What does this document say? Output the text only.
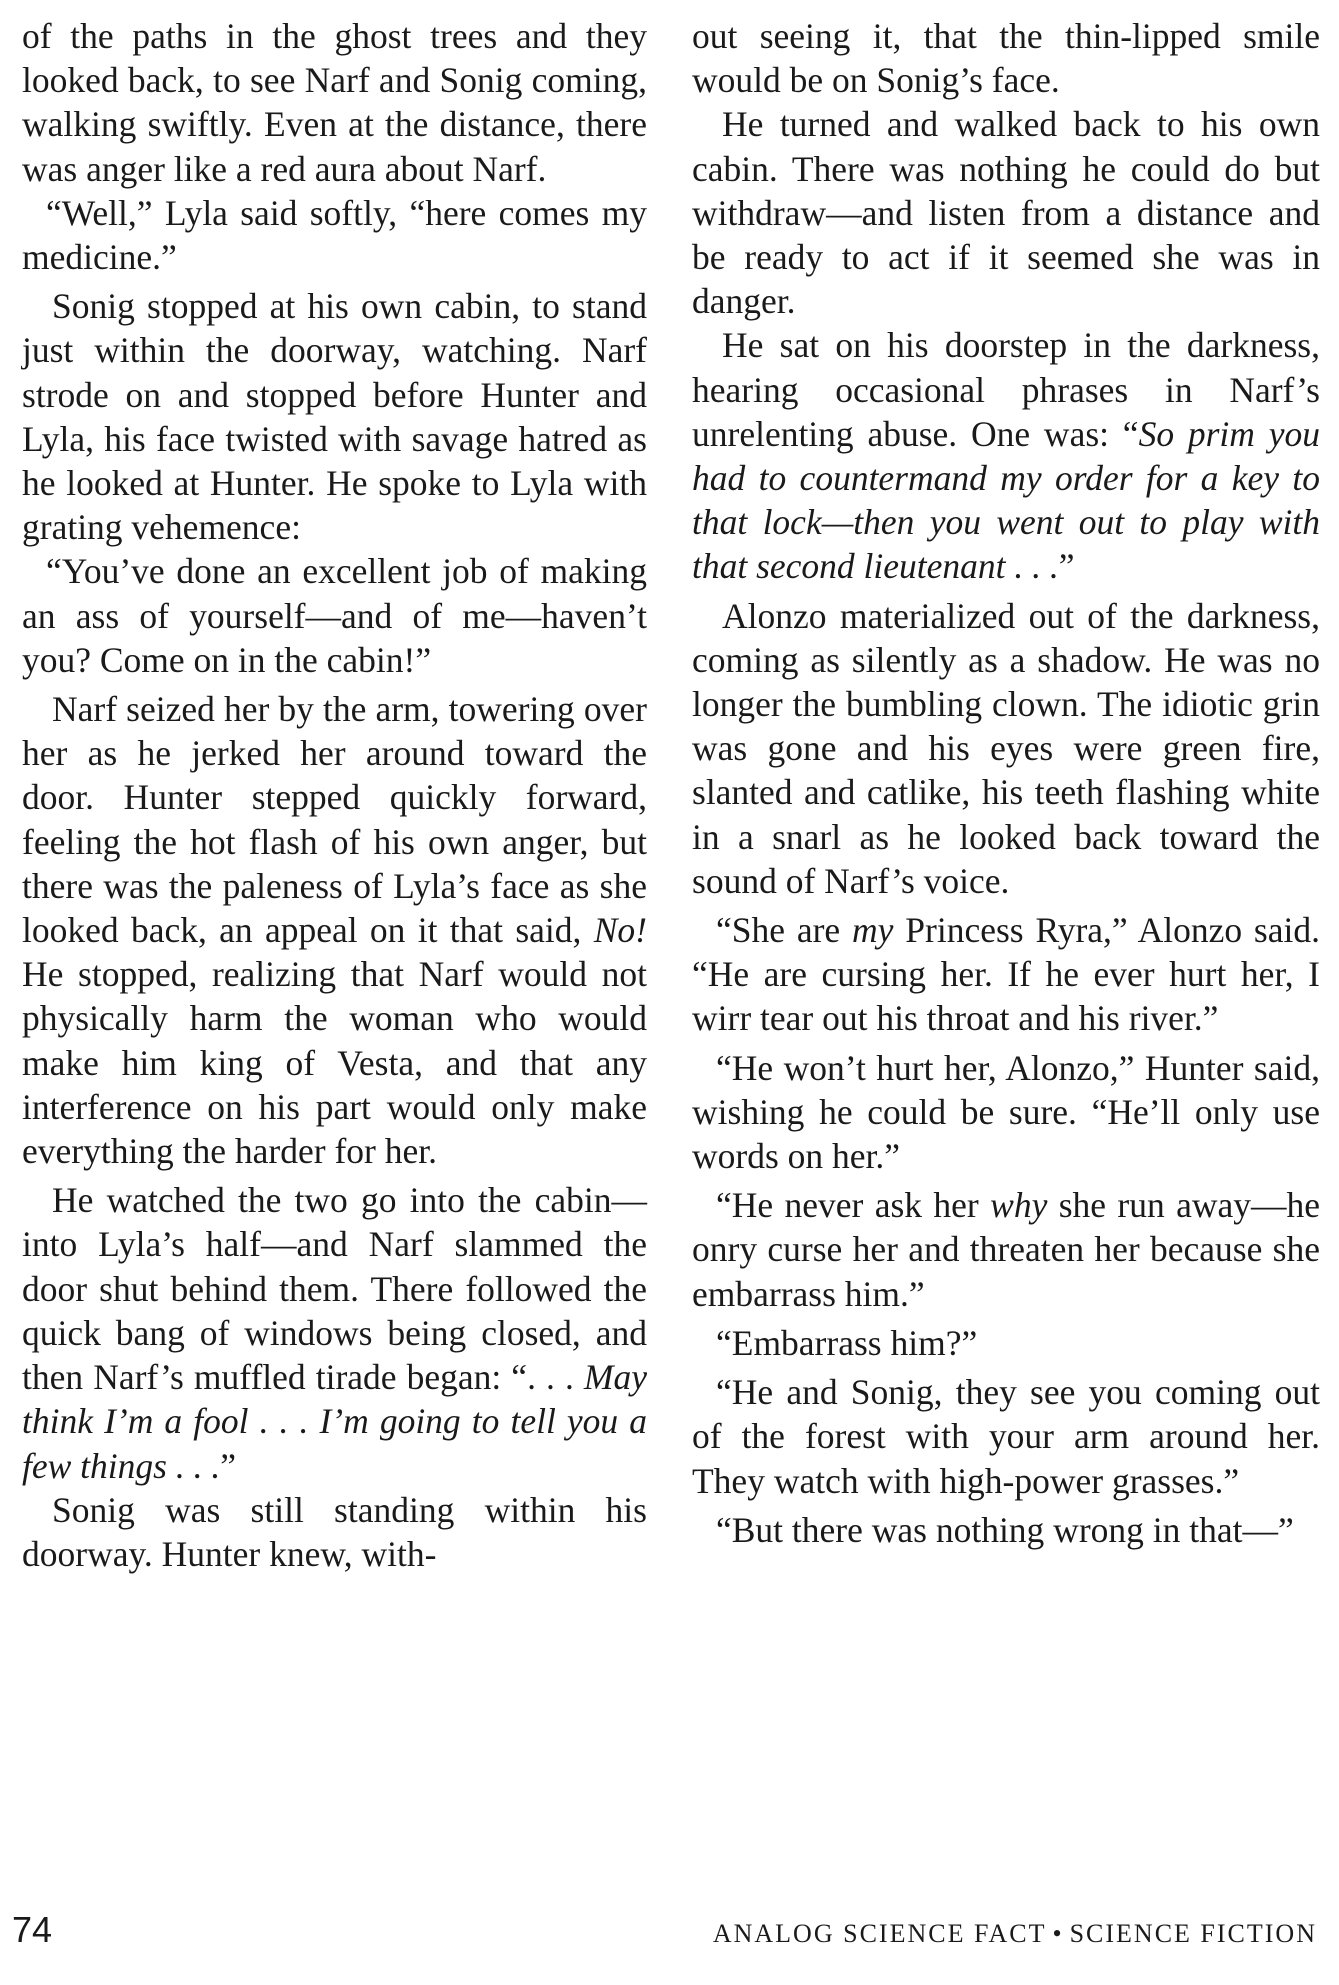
of the paths in the ghost trees and they looked back, to see Narf and Sonig coming, walking swiftly. Even at the distance, there was anger like a red aura about Narf.

“Well,” Lyla said softly, “here comes my medicine.”

Sonig stopped at his own cabin, to stand just within the doorway, watching. Narf strode on and stopped before Hunter and Lyla, his face twisted with savage hatred as he looked at Hunter. He spoke to Lyla with grating vehemence:

“You’ve done an excellent job of making an ass of yourself—and of me—haven’t you? Come on in the cabin!”

Narf seized her by the arm, towering over her as he jerked her around toward the door. Hunter stepped quickly forward, feeling the hot flash of his own anger, but there was the paleness of Lyla’s face as she looked back, an appeal on it that said, No! He stopped, realizing that Narf would not physically harm the woman who would make him king of Vesta, and that any interference on his part would only make everything the harder for her.

He watched the two go into the cabin—into Lyla’s half—and Narf slammed the door shut behind them. There followed the quick bang of windows being closed, and then Narf’s muffled tirade began: “. . . May think I’m a fool . . . I’m going to tell you a few things . . .”

Sonig was still standing within his doorway. Hunter knew, with-

out seeing it, that the thin-lipped smile would be on Sonig’s face.

He turned and walked back to his own cabin. There was nothing he could do but withdraw—and listen from a distance and be ready to act if it seemed she was in danger.

He sat on his doorstep in the darkness, hearing occasional phrases in Narf’s unrelenting abuse. One was: “So prim you had to countermand my order for a key to that lock—then you went out to play with that second lieutenant . . .”

Alonzo materialized out of the darkness, coming as silently as a shadow. He was no longer the bumbling clown. The idiotic grin was gone and his eyes were green fire, slanted and catlike, his teeth flashing white in a snarl as he looked back toward the sound of Narf’s voice.

“She are my Princess Ryra,” Alonzo said. “He are cursing her. If he ever hurt her, I wirr tear out his throat and his river.”

“He won’t hurt her, Alonzo,” Hunter said, wishing he could be sure. “He’ll only use words on her.”

“He never ask her why she run away—he onry curse her and threaten her because she embarrass him.”

“Embarrass him?”

“He and Sonig, they see you coming out of the forest with your arm around her. They watch with high-power grasses.”

“But there was nothing wrong in that—”

74	ANALOG SCIENCE FACT • SCIENCE FICTION
